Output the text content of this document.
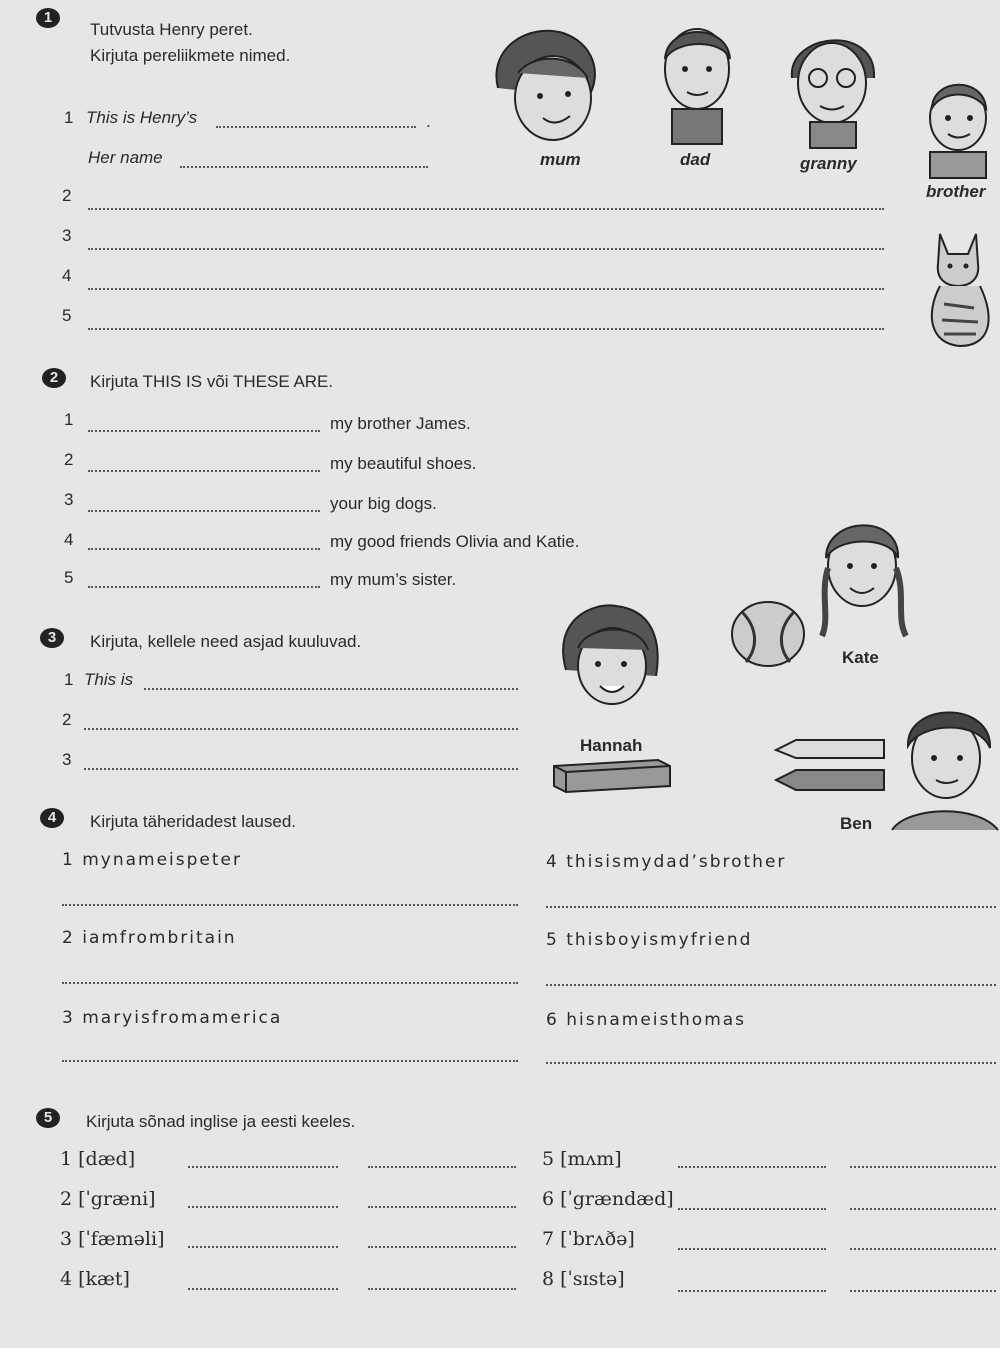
1
Tutvusta Henry peret.
Kirjuta pereliikmete nimed.
1 This is Henry’s	.
Her name
2
3
4
5
mum	dad	granny
brother
2	Kirjuta THIS IS või THESE ARE.
1	my brother James.
2	my beautiful shoes.
3	your big dogs.
4	my good friends Olivia and Katie.
5	my mum’s sister.
3	Kirjuta, kellele need asjad kuuluvad.
1 This is
2
3
Kate
Hannah
Ben
4	Kirjuta täheridadest laused.
1 mynameispeter
2 iamfrombritain
3 maryisfromamerica
4 thisismydad’sbrother
5 thisboyismyfriend
6 hisnameisthomas
5	Kirjuta sõnad inglise ja eesti keeles.
1 [dæd]
2 [ˈgræni]
3 [ˈfæməli]
4 [kæt]
5 [mʌm]
6 [ˈgrændæd]
7 [ˈbrʌðə]
8 [ˈsɪstə]
